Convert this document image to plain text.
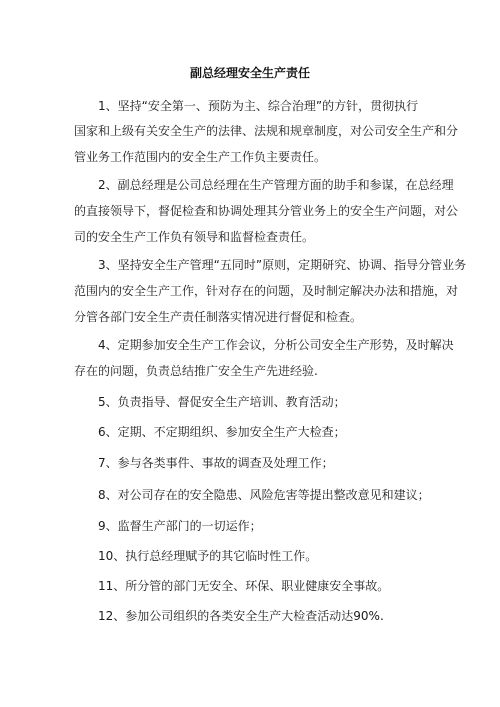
副总经理安全生产责任
1、坚持“安全第一、预防为主、综合治理”的方针，贯彻执行
国家和上级有关安全生产的法律、法规和规章制度，对公司安全生产和分
管业务工作范围内的安全生产工作负主要责任。
2、副总经理是公司总经理在生产管理方面的助手和参谋，在总经理
的直接领导下，督促检查和协调处理其分管业务上的安全生产问题，对公
司的安全生产工作负有领导和监督检查责任。
3、坚持安全生产管理“五同时”原则，定期研究、协调、指导分管业务
范围内的安全生产工作，针对存在的问题，及时制定解决办法和措施，对
分管各部门安全生产责任制落实情况进行督促和检查。
4、定期参加安全生产工作会议，分析公司安全生产形势，及时解决
存在的问题，负责总结推广安全生产先进经验.
5、负责指导、督促安全生产培训、教育活动；
6、定期、不定期组织、参加安全生产大检查；
7、参与各类事件、事故的调查及处理工作；
8、对公司存在的安全隐患、风险危害等提出整改意见和建议；
9、监督生产部门的一切运作；
10、执行总经理赋予的其它临时性工作。
11、所分管的部门无安全、环保、职业健康安全事故。
12、参加公司组织的各类安全生产大检查活动达90%.
